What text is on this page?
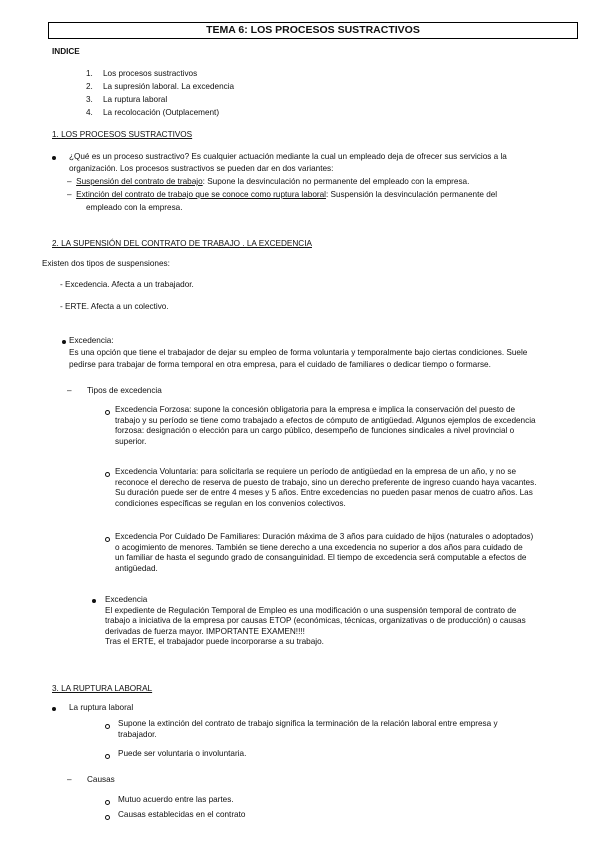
TEMA 6: LOS PROCESOS SUSTRACTIVOS
INDICE
1. Los procesos sustractivos
2. La supresión laboral. La excedencia
3. La ruptura laboral
4. La recolocación (Outplacement)
1. LOS PROCESOS SUSTRACTIVOS
¿Qué es un proceso sustractivo? Es cualquier actuación mediante la cual un empleado deja de ofrecer sus servicios a la
organización. Los procesos sustractivos se pueden dar en dos variantes:
–  Suspensión del contrato de trabajo: Supone la desvinculación no permanente del empleado con la empresa.
–  Extinción del contrato de trabajo que se conoce como ruptura laboral: Suspensión la desvinculación permanente del
empleado con la empresa.
2. LA SUPENSIÓN DEL CONTRATO DE TRABAJO . LA EXCEDENCIA
Existen dos tipos de suspensiones:
- Excedencia. Afecta a un trabajador.
- ERTE. Afecta a un colectivo.
Excedencia:
Es una opción que tiene el trabajador de dejar su empleo de forma voluntaria y temporalmente bajo ciertas condiciones. Suele
pedirse para trabajar de forma temporal en otra empresa, para el cuidado de familiares o dedicar tiempo o formarse.
– Tipos de excedencia
Excedencia Forzosa: supone la concesión obligatoria para la empresa e implica la conservación del puesto de
trabajo y su período se tiene como trabajado a efectos de cómputo de antigüedad. Algunos ejemplos de excedencia
forzosa: designación o elección para un cargo público, desempeño de funciones sindicales a nivel provincial o
superior.
Excedencia Voluntaria: para solicitarla se requiere un período de antigüedad en la empresa de un año, y no se
reconoce el derecho de reserva de puesto de trabajo, sino un derecho preferente de ingreso cuando haya vacantes.
Su duración puede ser de entre 4 meses y 5 años. Entre excedencias no pueden pasar menos de cuatro años. Las
condiciones específicas se regulan en los convenios colectivos.
Excedencia Por Cuidado De Familiares: Duración máxima de 3 años para cuidado de hijos (naturales o adoptados)
o acogimiento de menores. También se tiene derecho a una excedencia no superior a dos años para cuidado de
un familiar de hasta el segundo grado de consanguinidad. El tiempo de excedencia será computable a efectos de
antigüedad.
Excedencia
El expediente de Regulación Temporal de Empleo es una modificación o una suspensión temporal de contrato de
trabajo a iniciativa de la empresa por causas ETOP (económicas, técnicas, organizativas o de producción) o causas
derivadas de fuerza mayor. IMPORTANTE EXAMEN!!!!
Tras el ERTE, el trabajador puede incorporarse a su trabajo.
3. LA RUPTURA LABORAL
La ruptura laboral
Supone la extinción del contrato de trabajo significa la terminación de la relación laboral entre empresa y
trabajador.
Puede ser voluntaria o involuntaria.
– Causas
Mutuo acuerdo entre las partes.
Causas establecidas en el contrato
